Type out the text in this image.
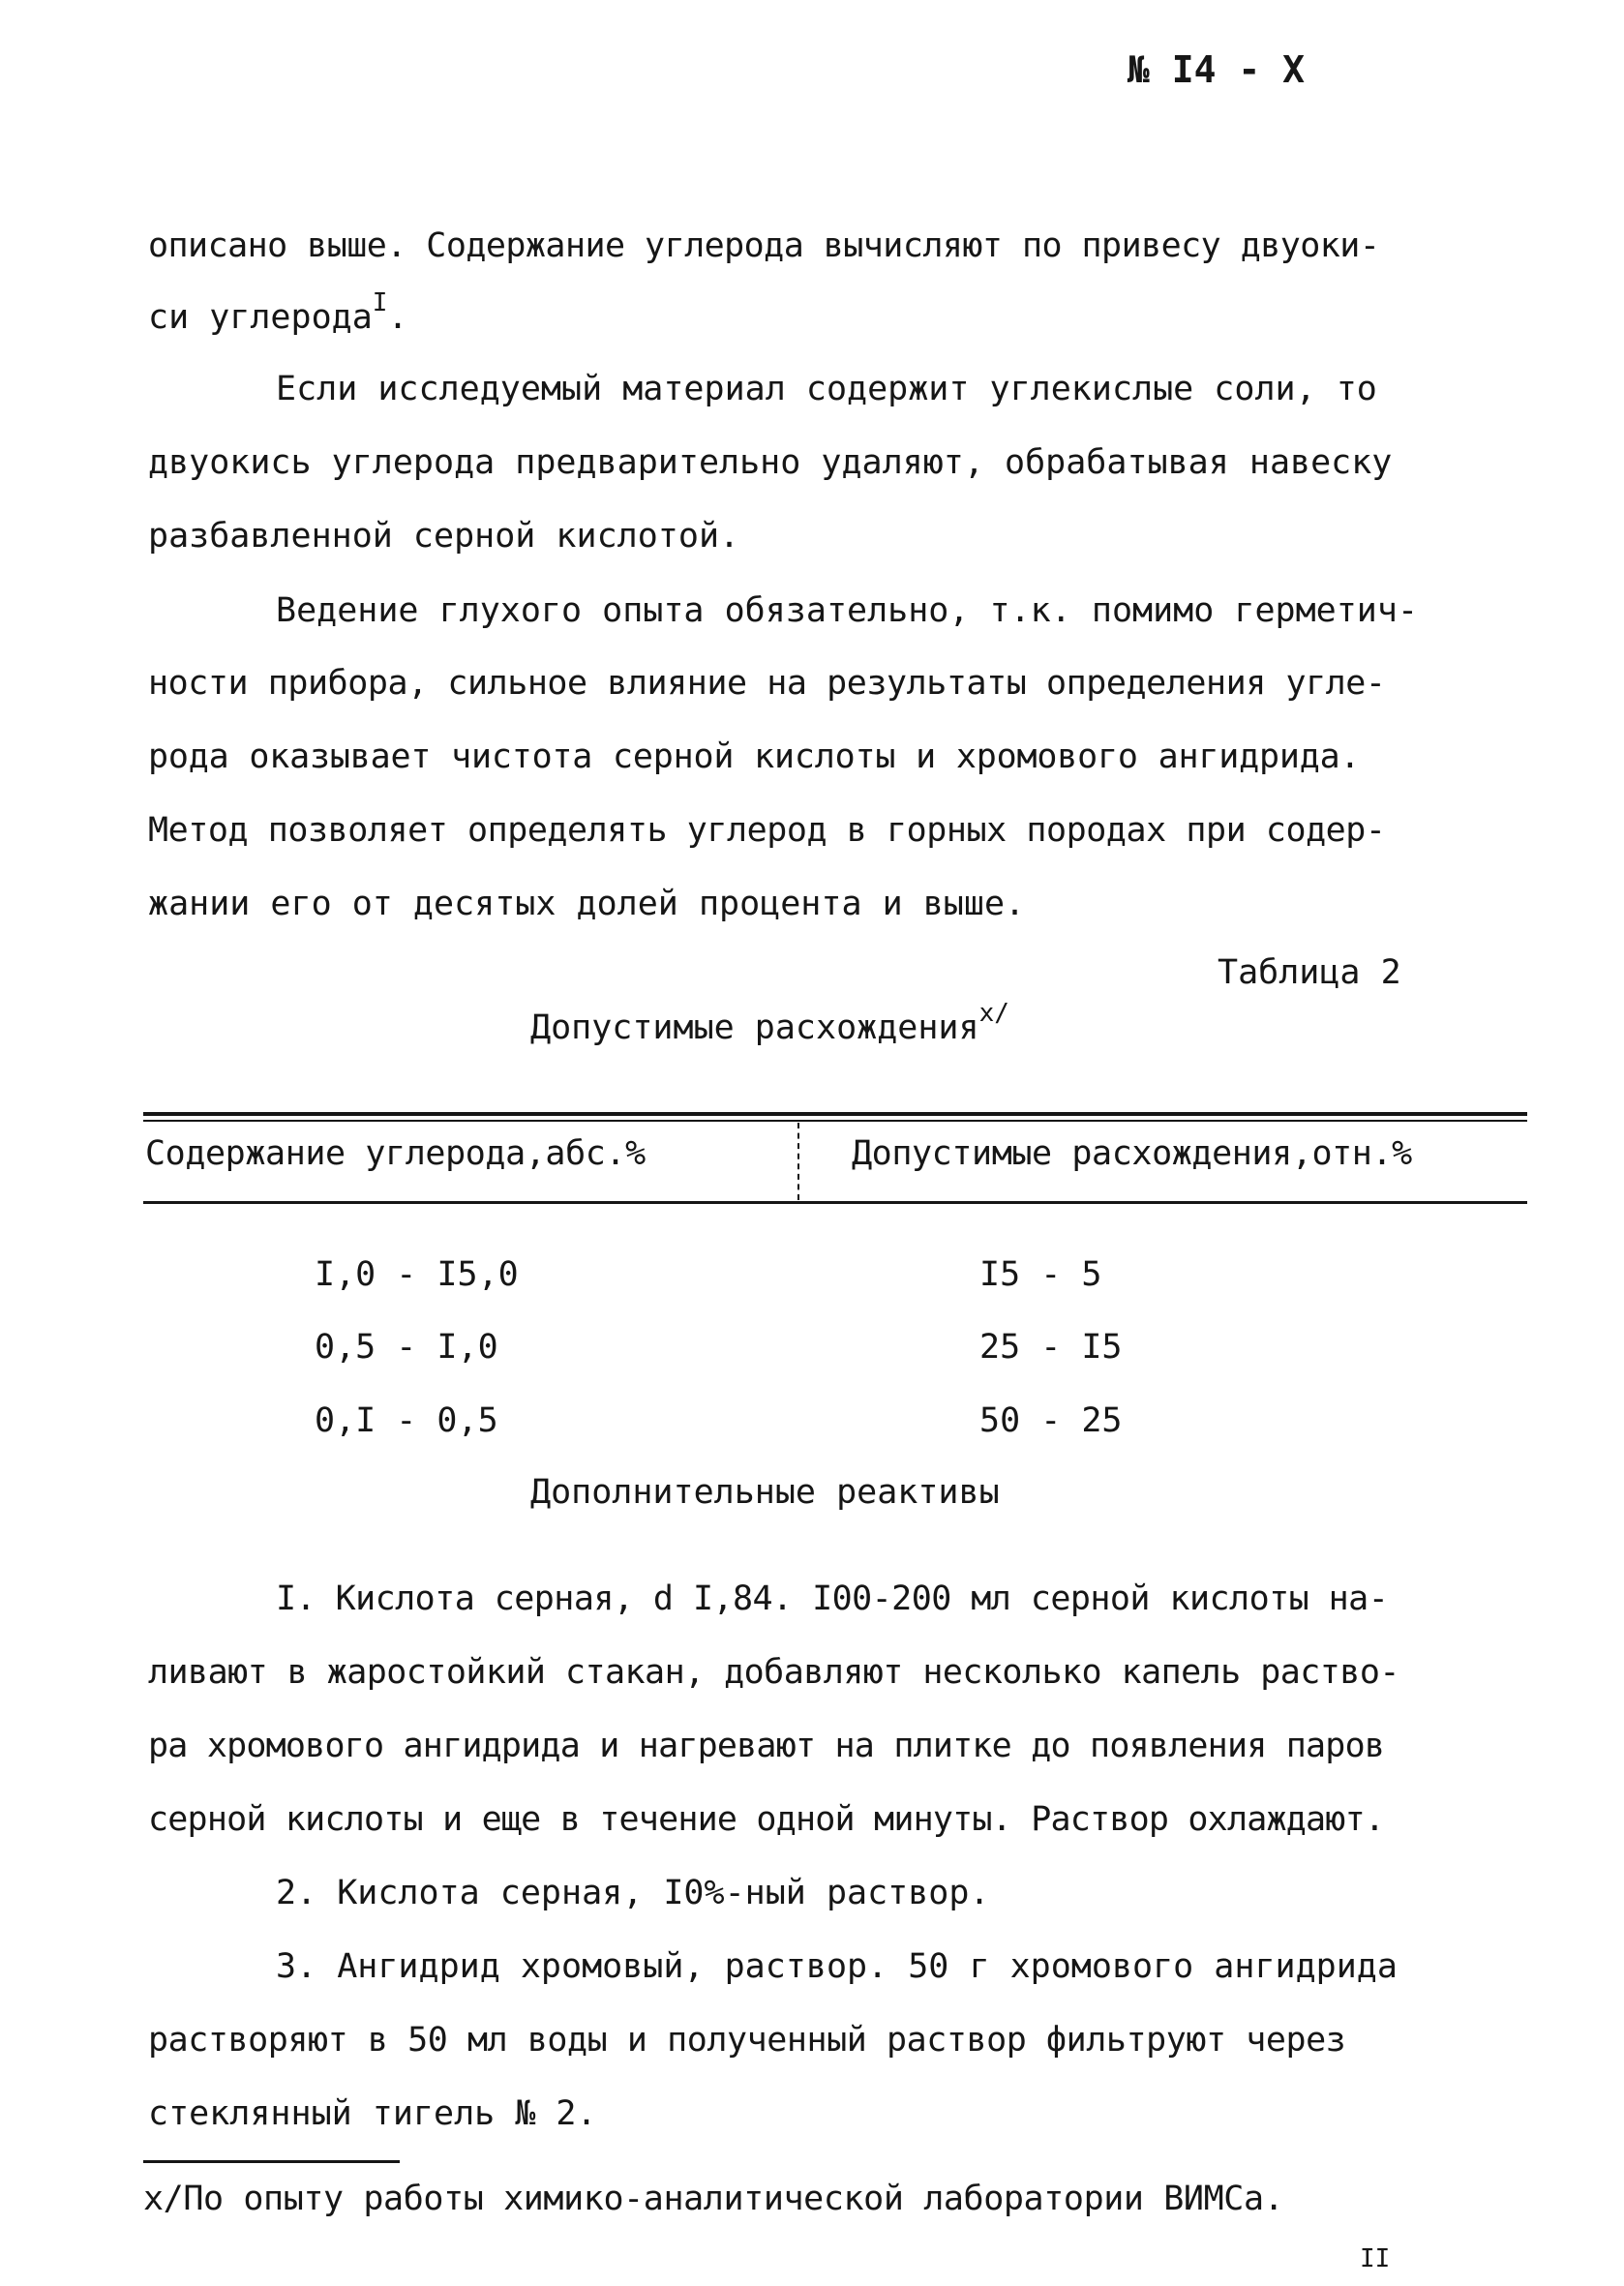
№ I4 - X
описано выше. Содержание углерода вычисляют по привесу двуоки-
си углерода$^I$.
Если исследуемый материал содержит углекислые соли, то
двуокись углерода предварительно удаляют, обрабатывая навеску
разбавленной серной кислотой.
Ведение глухого опыта обязательно, т.к. помимо герметич-
ности прибора, сильное влияние на результаты определения угле-
рода оказывает чистота серной кислоты и хромового ангидрида.
Метод позволяет определять углерод в горных породах при содер-
жании его от десятых долей процента и выше.
Таблица 2
Допустимые расхождения$^{x/}$
Содержание углерода,абс.%	Допустимые расхождения,отн.%
I,0 - I5,0	I5 - 5
0,5 - I,0	25 - I5
0,I - 0,5	50 - 25
Дополнительные реактивы
I. Кислота серная, d I,84. I00-200 мл серной кислоты на-
ливают в жаростойкий стакан, добавляют несколько капель раство-
ра хромового ангидрида и нагревают на плитке до появления паров
серной кислоты и еще в течение одной минуты. Раствор охлаждают.
2. Кислота серная, I0%-ный раствор.
3. Ангидрид хромовый, раствор. 50 г хромового ангидрида
растворяют в 50 мл воды и полученный раствор фильтруют через
стеклянный тигель № 2.
х/По опыту работы химико-аналитической лаборатории ВИМСа.
II
